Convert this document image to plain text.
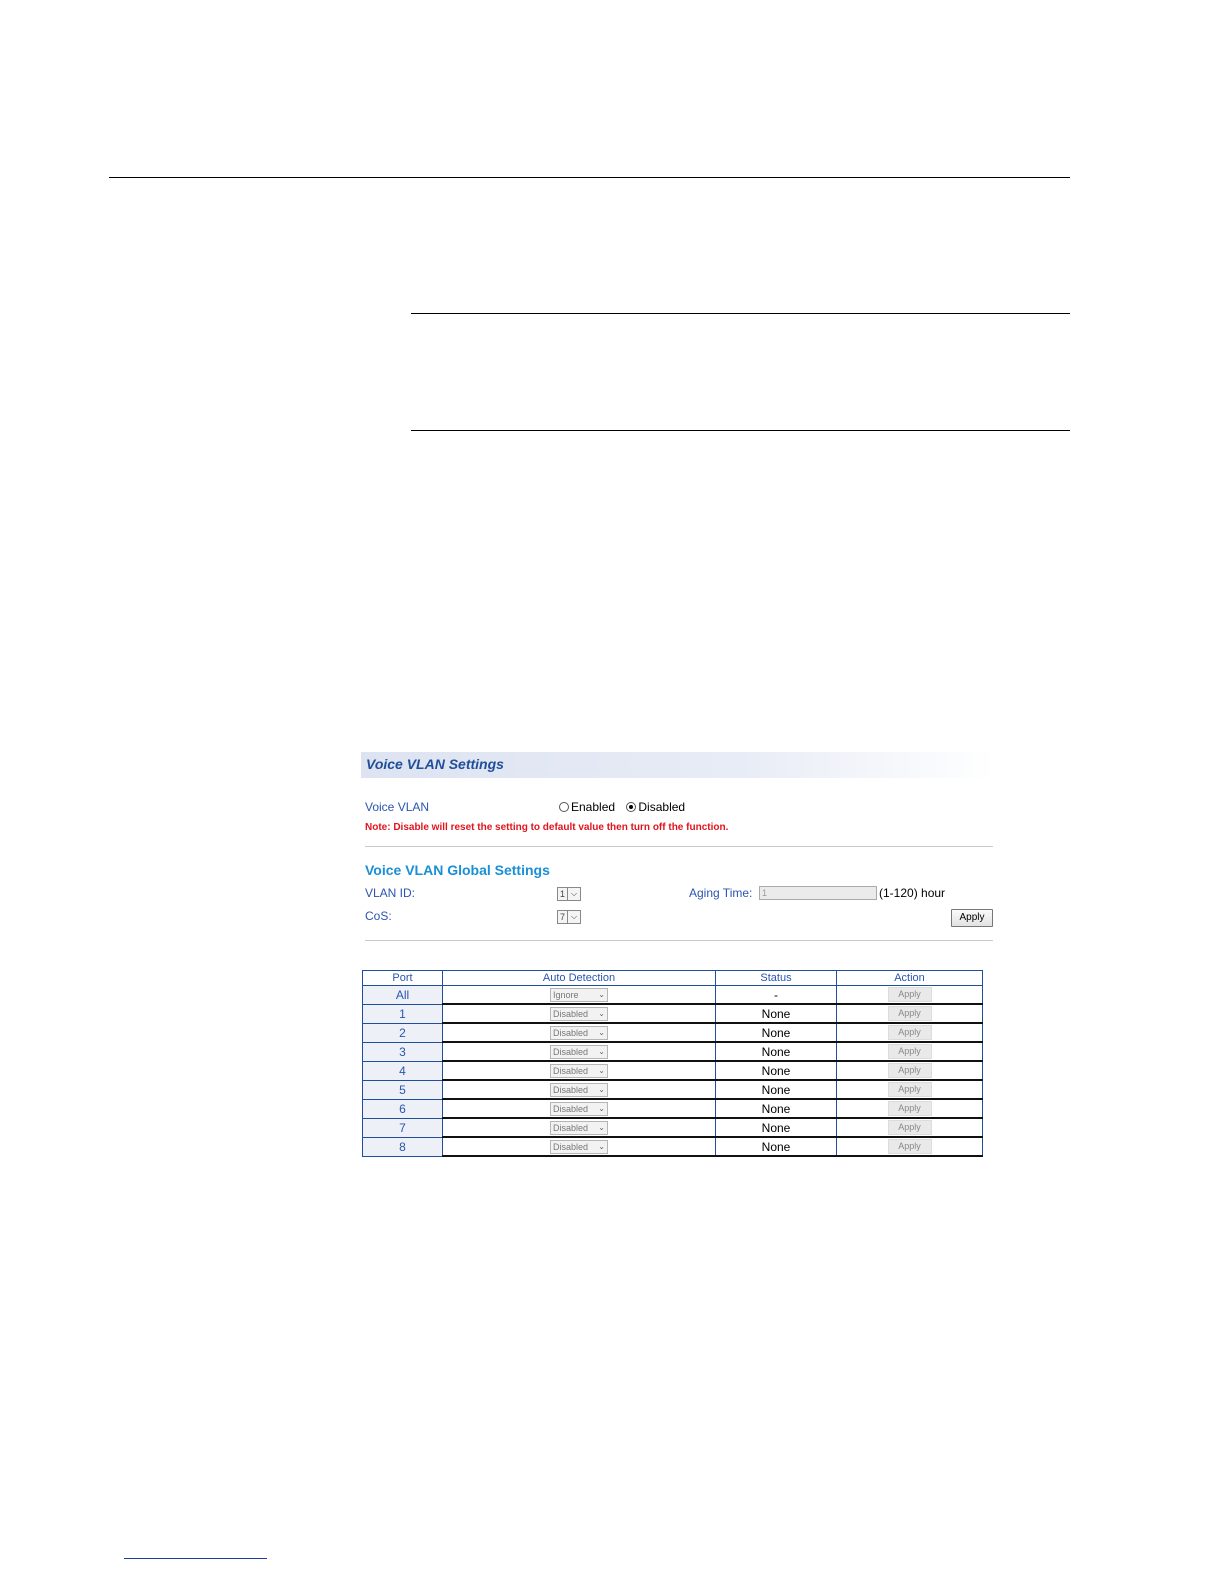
Voice VLAN Settings
Voice VLAN	Enabled Disabled
Note: Disable will reset the setting to default value then turn off the function.
Voice VLAN Global Settings
VLAN ID:	1 ⌵	Aging Time:	1	(1-120) hour
CoS:	7 ⌵	Apply
Port	Auto Detection	Status	Action
All	Ignore ⌄	-	Apply
1	Disabled ⌄	None	Apply
2	Disabled ⌄	None	Apply
3	Disabled ⌄	None	Apply
4	Disabled ⌄	None	Apply
5	Disabled ⌄	None	Apply
6	Disabled ⌄	None	Apply
7	Disabled ⌄	None	Apply
8	Disabled ⌄	None	Apply
